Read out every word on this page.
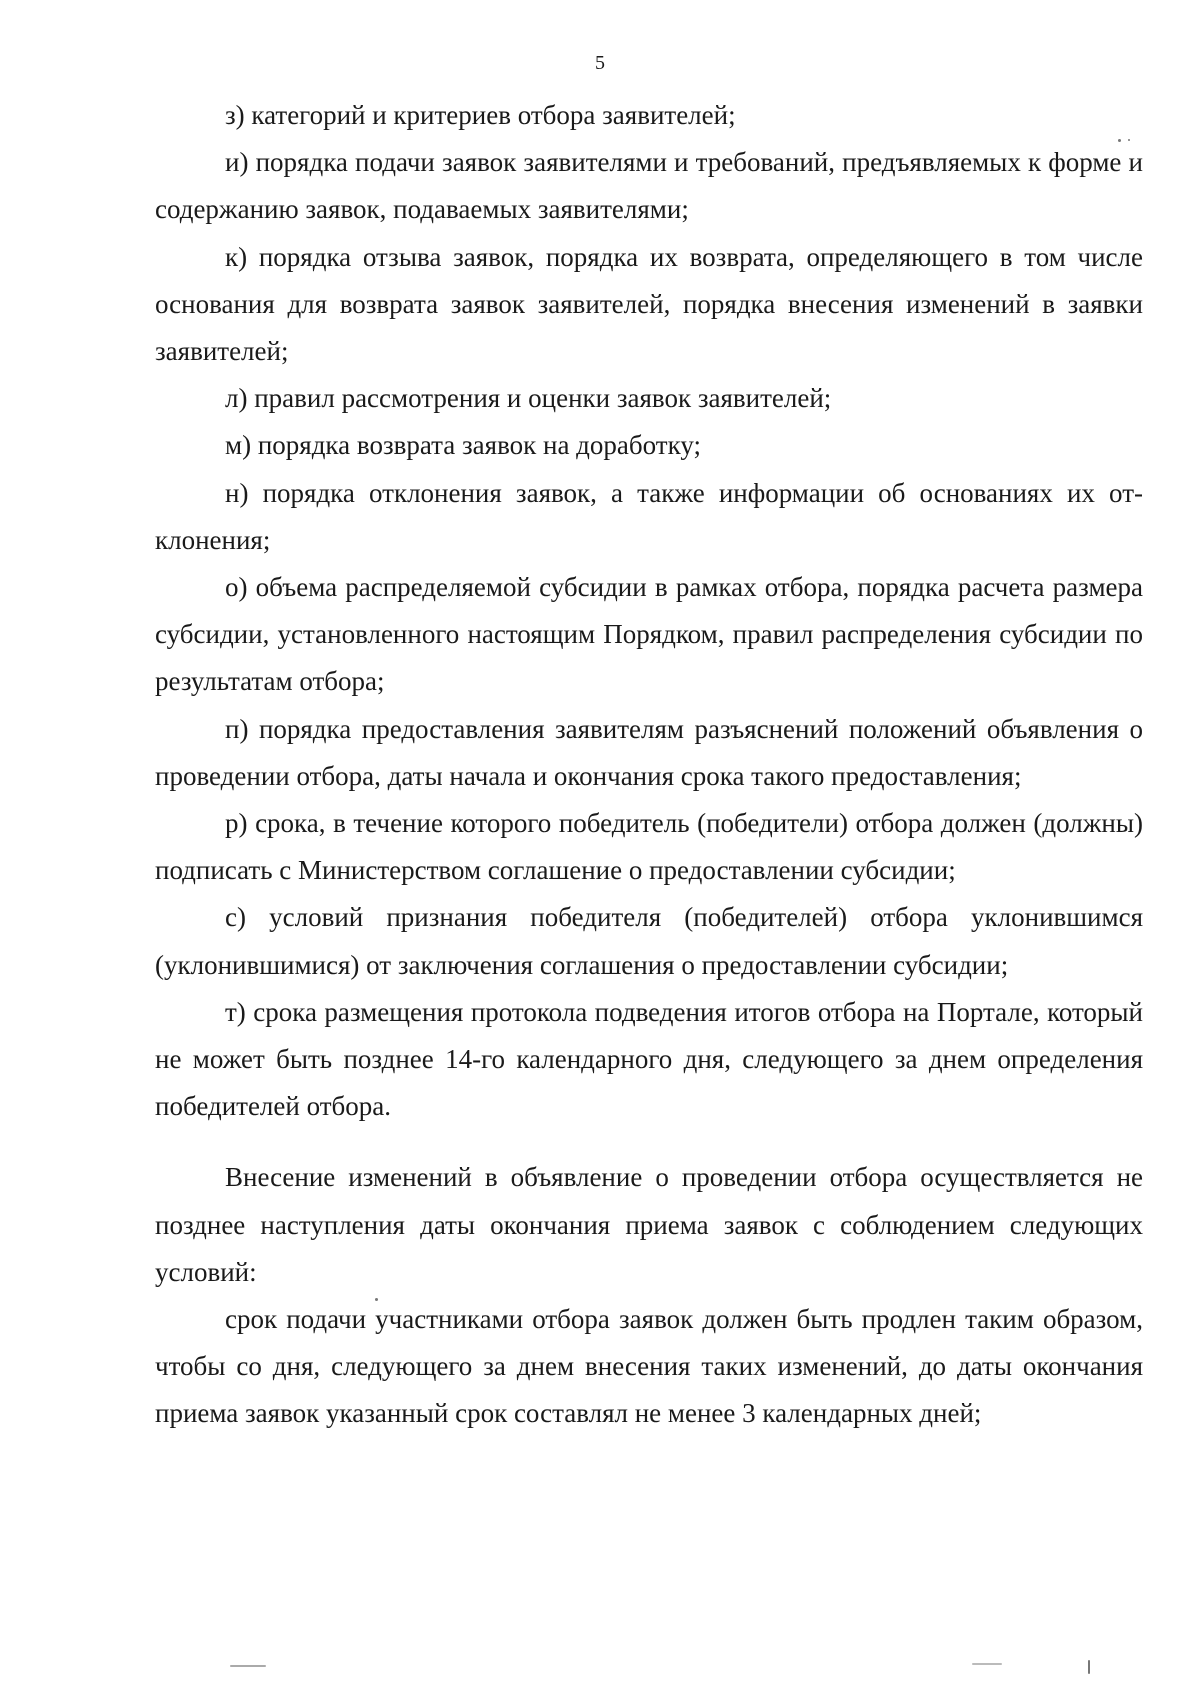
5

з) категорий и критериев отбора заявителей;

и) порядка подачи заявок заявителями и требований, предъявляемых к форме и содержанию заявок, подаваемых заявителями;

к) порядка отзыва заявок, порядка их возврата, определяющего в том числе основания для возврата заявок заявителей, порядка внесения изменений в заявки заявителей;

л) правил рассмотрения и оценки заявок заявителей;

м) порядка возврата заявок на доработку;

н) порядка отклонения заявок, а также информации об основаниях их отклонения;

о) объема распределяемой субсидии в рамках отбора, порядка расчета размера субсидии, установленного настоящим Порядком, правил распределения субсидии по результатам отбора;

п) порядка предоставления заявителям разъяснений положений объявления о проведении отбора, даты начала и окончания срока такого предоставления;

р) срока, в течение которого победитель (победители) отбора должен (должны) подписать с Министерством соглашение о предоставлении субсидии;

с) условий признания победителя (победителей) отбора уклонившимся (уклонившимися) от заключения соглашения о предоставлении субсидии;

т) срока размещения протокола подведения итогов отбора на Портале, который не может быть позднее 14-го календарного дня, следующего за днем определения победителей отбора.

Внесение изменений в объявление о проведении отбора осуществляется не позднее наступления даты окончания приема заявок с соблюдением следующих условий:

срок подачи участниками отбора заявок должен быть продлен таким образом, чтобы со дня, следующего за днем внесения таких изменений, до даты окончания приема заявок указанный срок составлял не менее 3 календарных дней;
